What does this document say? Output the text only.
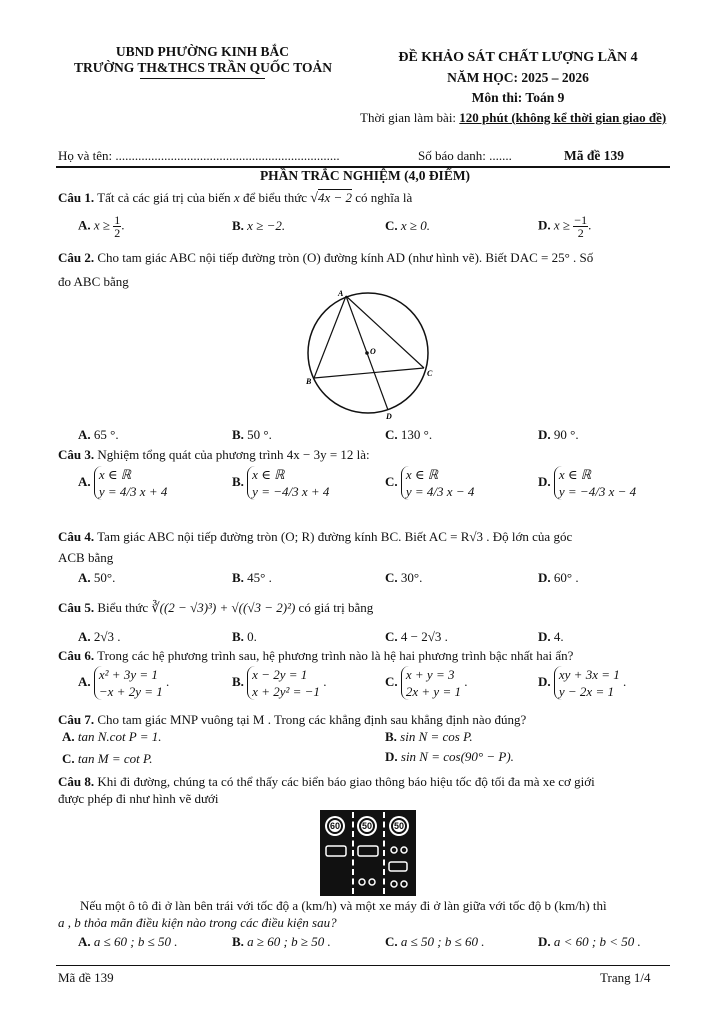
UBND PHƯỜNG KINH BẮC
TRƯỜNG TH&THCS TRẦN QUỐC TOẢN
ĐỀ KHẢO SÁT CHẤT LƯỢNG LẦN 4
NĂM HỌC: 2025 – 2026
Môn thi: Toán 9
Thời gian làm bài: 120 phút (không kể thời gian giao đề)
Họ và tên: .....................................................................	Số báo danh: .......	Mã đề 139
PHẦN TRẮC NGHIỆM (4,0 ĐIỂM)
Câu 1. Tất cả các giá trị của biến x để biểu thức √4x − 2 có nghĩa là
A. $x \ge \frac{1}{2}$ .	B. x ≥ −2.	C. x ≥ 0.	D. $x \ge \frac{-1}{2}$ .
Câu 2. Cho tam giác ABC nội tiếp đường tròn (O) đường kính AD (như hình vẽ). Biết DAC = 25° . Số
đo ABC bằng
A
B
C
D
O
A. 65 °.	B. 50 °.	C. 130 °.	D. 90 °.
Câu 3. Nghiệm tổng quát của phương trình 4x − 3y = 12 là:
A. x ∈ ℝ
y = 4/3 x + 4
B. x ∈ ℝ
y = −4/3 x + 4
C. x ∈ ℝ
y = 4/3 x − 4
D. x ∈ ℝ
y = −4/3 x − 4
Câu 4. Tam giác ABC nội tiếp đường tròn (O; R) đường kính BC. Biết AC = R√3 . Độ lớn của góc
ACB bằng
A. 50°.	B. 45° .	C. 30°.	D. 60° .
Câu 5. Biểu thức ∛((2 − √3)³) + √((√3 − 2)²) có giá trị bằng
A. 2√3 .	B. 0.	C. 4 − 2√3 .	D. 4.
Câu 6. Trong các hệ phương trình sau, hệ phương trình nào là hệ hai phương trình bậc nhất hai ẩn?
A. x² + 3y = 1
−x + 2y = 1 .	B. x − 2y = 1
x + 2y² = −1 .	C. x + y = 3
2x + y = 1 .	D. xy + 3x = 1
y − 2x = 1 .
Câu 7. Cho tam giác MNP vuông tại M . Trong các khẳng định sau khẳng định nào đúng?
A. tan N.cot P = 1.	B. sin N = cos P.
C. tan M = cot P.	D. sin N = cos(90° − P).
Câu 8. Khi đi đường, chúng ta có thể thấy các biển báo giao thông báo hiệu tốc độ tối đa mà xe cơ giới
được phép đi như hình vẽ dưới
60	50	50
Nếu một ô tô đi ở làn bên trái với tốc độ a (km/h) và một xe máy đi ở làn giữa với tốc độ b (km/h) thì
a , b thỏa mãn điều kiện nào trong các điều kiện sau?
A. a ≤ 60 ; b ≤ 50 .	B. a ≥ 60 ; b ≥ 50 .	C. a ≤ 50 ; b ≤ 60 .	D. a < 60 ; b < 50 .
Mã đề 139	Trang 1/4
